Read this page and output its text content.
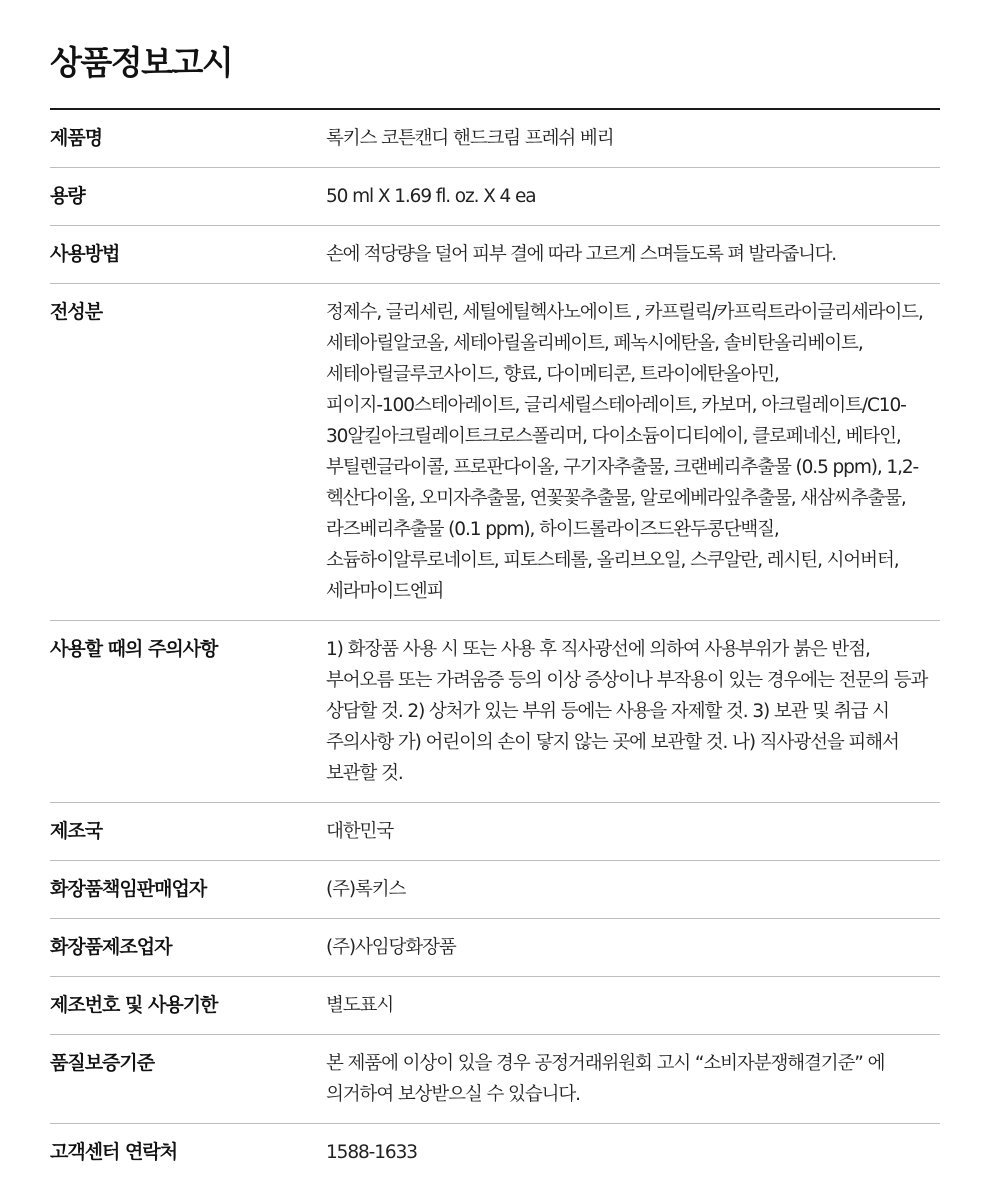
상품정보고시
제품명	록키스 코튼캔디 핸드크림 프레쉬 베리
용량	50 ml X 1.69 fl. oz. X 4 ea
사용방법	손에 적당량을 덜어 피부 결에 따라 고르게 스며들도록 펴 발라줍니다.
전성분	정제수, 글리세린, 세틸에틸헥사노에이트 , 카프릴릭/카프릭트라이글리세라이드, 세테아릴알코올, 세테아릴올리베이트, 페녹시에탄올, 솔비탄올리베이트, 세테아릴글루코사이드, 향료, 다이메티콘, 트라이에탄올아민, 피이지-100스테아레이트, 글리세릴스테아레이트, 카보머, 아크릴레이트/C10-30알킬아크릴레이트크로스폴리머, 다이소듐이디티에이, 클로페네신, 베타인, 부틸렌글라이콜, 프로판다이올, 구기자추출물, 크랜베리추출물 (0.5 ppm), 1,2-헥산다이올, 오미자추출물, 연꽃꽃추출물, 알로에베라잎추출물, 새삼씨추출물, 라즈베리추출물 (0.1 ppm), 하이드롤라이즈드완두콩단백질, 소듐하이알루로네이트, 피토스테롤, 올리브오일, 스쿠알란, 레시틴, 시어버터, 세라마이드엔피
사용할 때의 주의사항	1) 화장품 사용 시 또는 사용 후 직사광선에 의하여 사용부위가 붉은 반점, 부어오름 또는 가려움증 등의 이상 증상이나 부작용이 있는 경우에는 전문의 등과 상담할 것. 2) 상처가 있는 부위 등에는 사용을 자제할 것. 3) 보관 및 취급 시 주의사항 가) 어린이의 손이 닿지 않는 곳에 보관할 것. 나) 직사광선을 피해서 보관할 것.
제조국	대한민국
화장품책임판매업자	(주)록키스
화장품제조업자	(주)사임당화장품
제조번호 및 사용기한	별도표시
품질보증기준	본 제품에 이상이 있을 경우 공정거래위원회 고시 “소비자분쟁해결기준” 에 의거하여 보상받으실 수 있습니다.
고객센터 연락처	1588-1633
